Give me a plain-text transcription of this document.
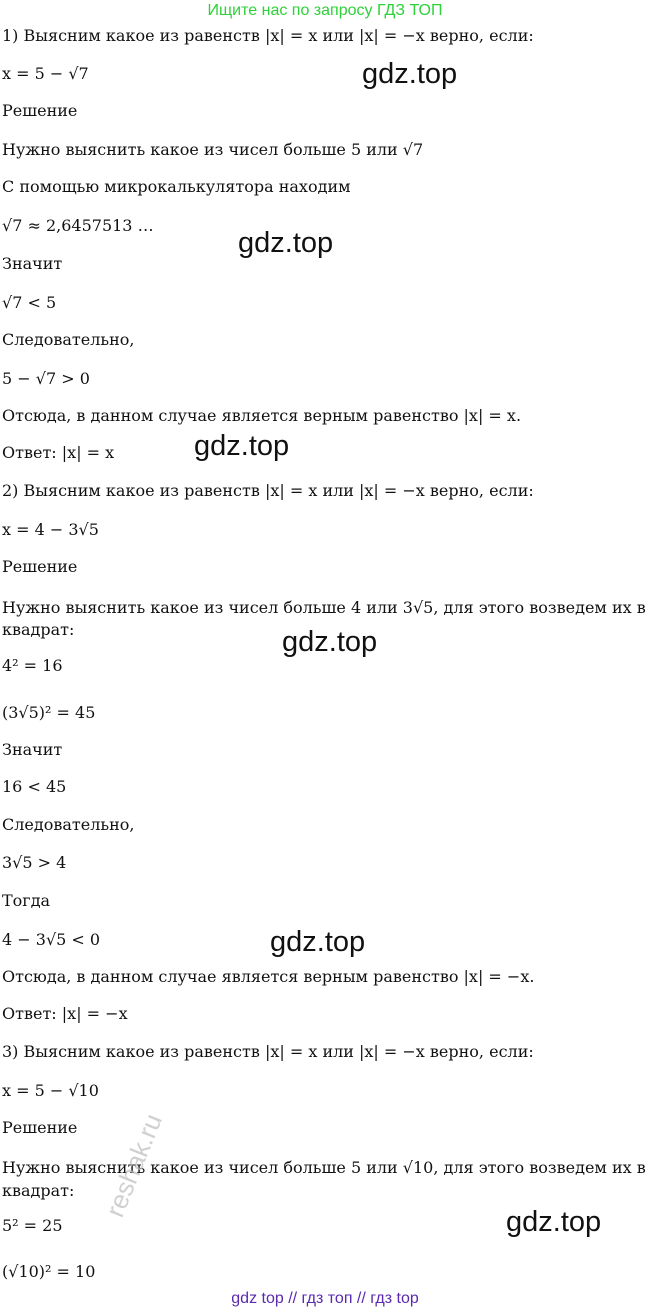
Ищите нас по запросу ГДЗ ТОП
1) Выясним какое из равенств |x| = x или |x| = −x верно, если:
x = 5 − √7
Решение
Нужно выяснить какое из чисел больше 5 или √7
С помощью микрокалькулятора находим
√7 ≈ 2,6457513 …
Значит
√7 < 5
Следовательно,
5 − √7 > 0
Отсюда, в данном случае является верным равенство |x| = x.
Ответ: |x| = x
2) Выясним какое из равенств |x| = x или |x| = −x верно, если:
x = 4 − 3√5
Решение
Нужно выяснить какое из чисел больше 4 или 3√5, для этого возведем их в
квадрат:
4² = 16
(3√5)² = 45
Значит
16 < 45
Следовательно,
3√5 > 4
Тогда
4 − 3√5 < 0
Отсюда, в данном случае является верным равенство |x| = −x.
Ответ: |x| = −x
3) Выясним какое из равенств |x| = x или |x| = −x верно, если:
x = 5 − √10
Решение
Нужно выяснить какое из чисел больше 5 или √10, для этого возведем их в
квадрат:
5² = 25
(√10)² = 10
gdz.top
gdz.top
gdz.top
gdz.top
gdz.top
gdz.top
reshak.ru
gdz top // гдз топ // гдз top
